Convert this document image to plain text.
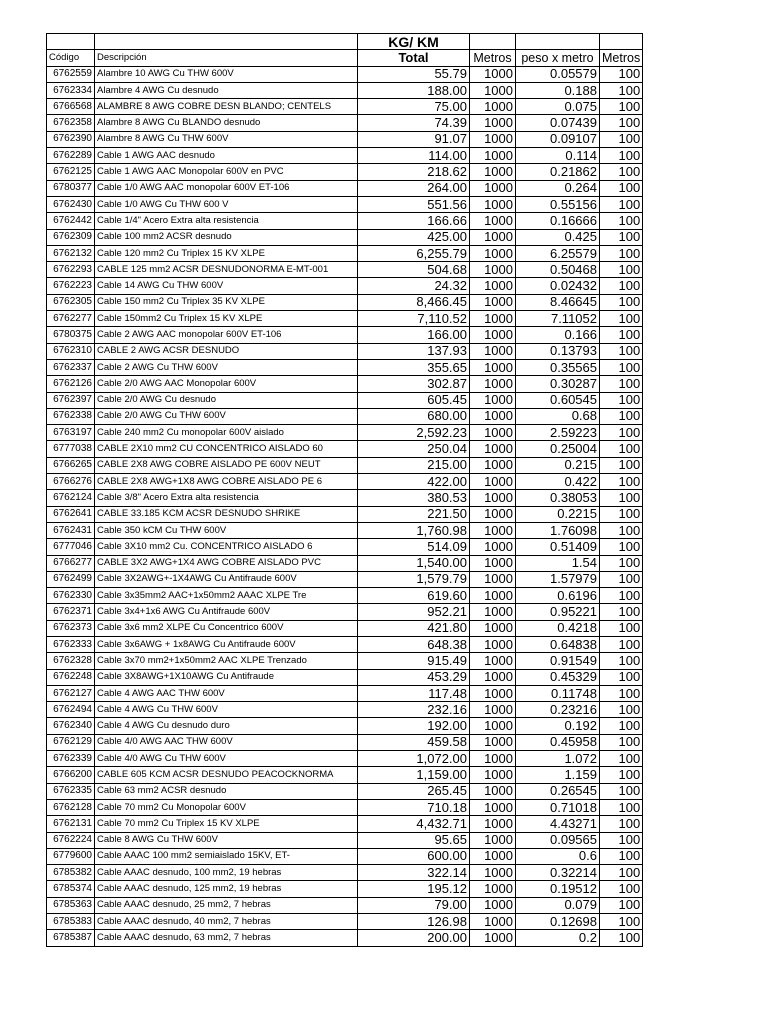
		KG/ KM			
Código	Descripción	Total	Metros	peso x metro	Metros
6762559	Alambre 10 AWG Cu THW 600V	55.79	1000	0.05579	100
6762334	Alambre 4 AWG Cu desnudo	188.00	1000	0.188	100
6766568	ALAMBRE 8 AWG COBRE DESN BLANDO; CENTELS	75.00	1000	0.075	100
6762358	Alambre 8 AWG Cu BLANDO desnudo	74.39	1000	0.07439	100
6762390	Alambre 8 AWG Cu THW 600V	91.07	1000	0.09107	100
6762289	Cable 1 AWG AAC desnudo	114.00	1000	0.114	100
6762125	Cable 1 AWG AAC Monopolar 600V en PVC	218.62	1000	0.21862	100
6780377	Cable 1/0 AWG AAC monopolar 600V ET-106	264.00	1000	0.264	100
6762430	Cable 1/0 AWG Cu THW 600 V	551.56	1000	0.55156	100
6762442	Cable 1/4" Acero Extra alta resistencia	166.66	1000	0.16666	100
6762309	Cable 100 mm2 ACSR desnudo	425.00	1000	0.425	100
6762132	Cable 120 mm2 Cu Triplex 15 KV XLPE	6,255.79	1000	6.25579	100
6762293	CABLE 125 mm2 ACSR DESNUDONORMA E-MT-001	504.68	1000	0.50468	100
6762223	Cable 14 AWG Cu THW 600V	24.32	1000	0.02432	100
6762305	Cable 150 mm2 Cu Triplex 35 KV XLPE	8,466.45	1000	8.46645	100
6762277	Cable 150mm2 Cu Triplex 15 KV XLPE	7,110.52	1000	7.11052	100
6780375	Cable 2 AWG AAC monopolar 600V ET-106	166.00	1000	0.166	100
6762310	CABLE 2 AWG ACSR DESNUDO	137.93	1000	0.13793	100
6762337	Cable 2 AWG Cu THW 600V	355.65	1000	0.35565	100
6762126	Cable 2/0 AWG AAC Monopolar 600V	302.87	1000	0.30287	100
6762397	Cable 2/0 AWG Cu desnudo	605.45	1000	0.60545	100
6762338	Cable 2/0 AWG Cu THW 600V	680.00	1000	0.68	100
6763197	Cable 240 mm2 Cu monopolar 600V aislado	2,592.23	1000	2.59223	100
6777038	CABLE 2X10 mm2 CU CONCENTRICO AISLADO 60	250.04	1000	0.25004	100
6766265	CABLE 2X8 AWG COBRE AISLADO PE 600V NEUT	215.00	1000	0.215	100
6766276	CABLE 2X8 AWG+1X8 AWG COBRE AISLADO PE 6	422.00	1000	0.422	100
6762124	Cable 3/8" Acero Extra alta resistencia	380.53	1000	0.38053	100
6762641	CABLE 33.185 KCM ACSR DESNUDO SHRIKE	221.50	1000	0.2215	100
6762431	Cable 350 kCM Cu THW 600V	1,760.98	1000	1.76098	100
6777046	Cable 3X10 mm2 Cu. CONCENTRICO AISLADO 6	514.09	1000	0.51409	100
6766277	CABLE 3X2 AWG+1X4 AWG COBRE AISLADO PVC	1,540.00	1000	1.54	100
6762499	Cable 3X2AWG+-1X4AWG Cu Antifraude 600V	1,579.79	1000	1.57979	100
6762330	Cable 3x35mm2 AAC+1x50mm2 AAAC XLPE Tre	619.60	1000	0.6196	100
6762371	Cable 3x4+1x6 AWG Cu Antifraude 600V	952.21	1000	0.95221	100
6762373	Cable 3x6 mm2 XLPE Cu Concentrico 600V	421.80	1000	0.4218	100
6762333	Cable 3x6AWG + 1x8AWG Cu Antifraude 600V	648.38	1000	0.64838	100
6762328	Cable 3x70 mm2+1x50mm2 AAC XLPE Trenzado	915.49	1000	0.91549	100
6762248	Cable 3X8AWG+1X10AWG Cu Antifraude	453.29	1000	0.45329	100
6762127	Cable 4 AWG AAC THW 600V	117.48	1000	0.11748	100
6762494	Cable 4 AWG Cu THW 600V	232.16	1000	0.23216	100
6762340	Cable 4 AWG Cu desnudo duro	192.00	1000	0.192	100
6762129	Cable 4/0 AWG AAC THW 600V	459.58	1000	0.45958	100
6762339	Cable 4/0 AWG Cu THW 600V	1,072.00	1000	1.072	100
6766200	CABLE 605 KCM ACSR DESNUDO PEACOCKNORMA	1,159.00	1000	1.159	100
6762335	Cable 63 mm2 ACSR desnudo	265.45	1000	0.26545	100
6762128	Cable 70 mm2 Cu Monopolar 600V	710.18	1000	0.71018	100
6762131	Cable 70 mm2 Cu Triplex 15 KV XLPE	4,432.71	1000	4.43271	100
6762224	Cable 8 AWG Cu THW 600V	95.65	1000	0.09565	100
6779600	Cable AAAC 100 mm2 semiaislado 15KV, ET-	600.00	1000	0.6	100
6785382	Cable AAAC desnudo, 100 mm2, 19 hebras	322.14	1000	0.32214	100
6785374	Cable AAAC desnudo, 125 mm2, 19 hebras	195.12	1000	0.19512	100
6785363	Cable AAAC desnudo, 25 mm2, 7 hebras	79.00	1000	0.079	100
6785383	Cable AAAC desnudo, 40 mm2, 7 hebras	126.98	1000	0.12698	100
6785387	Cable AAAC desnudo, 63 mm2, 7 hebras	200.00	1000	0.2	100
